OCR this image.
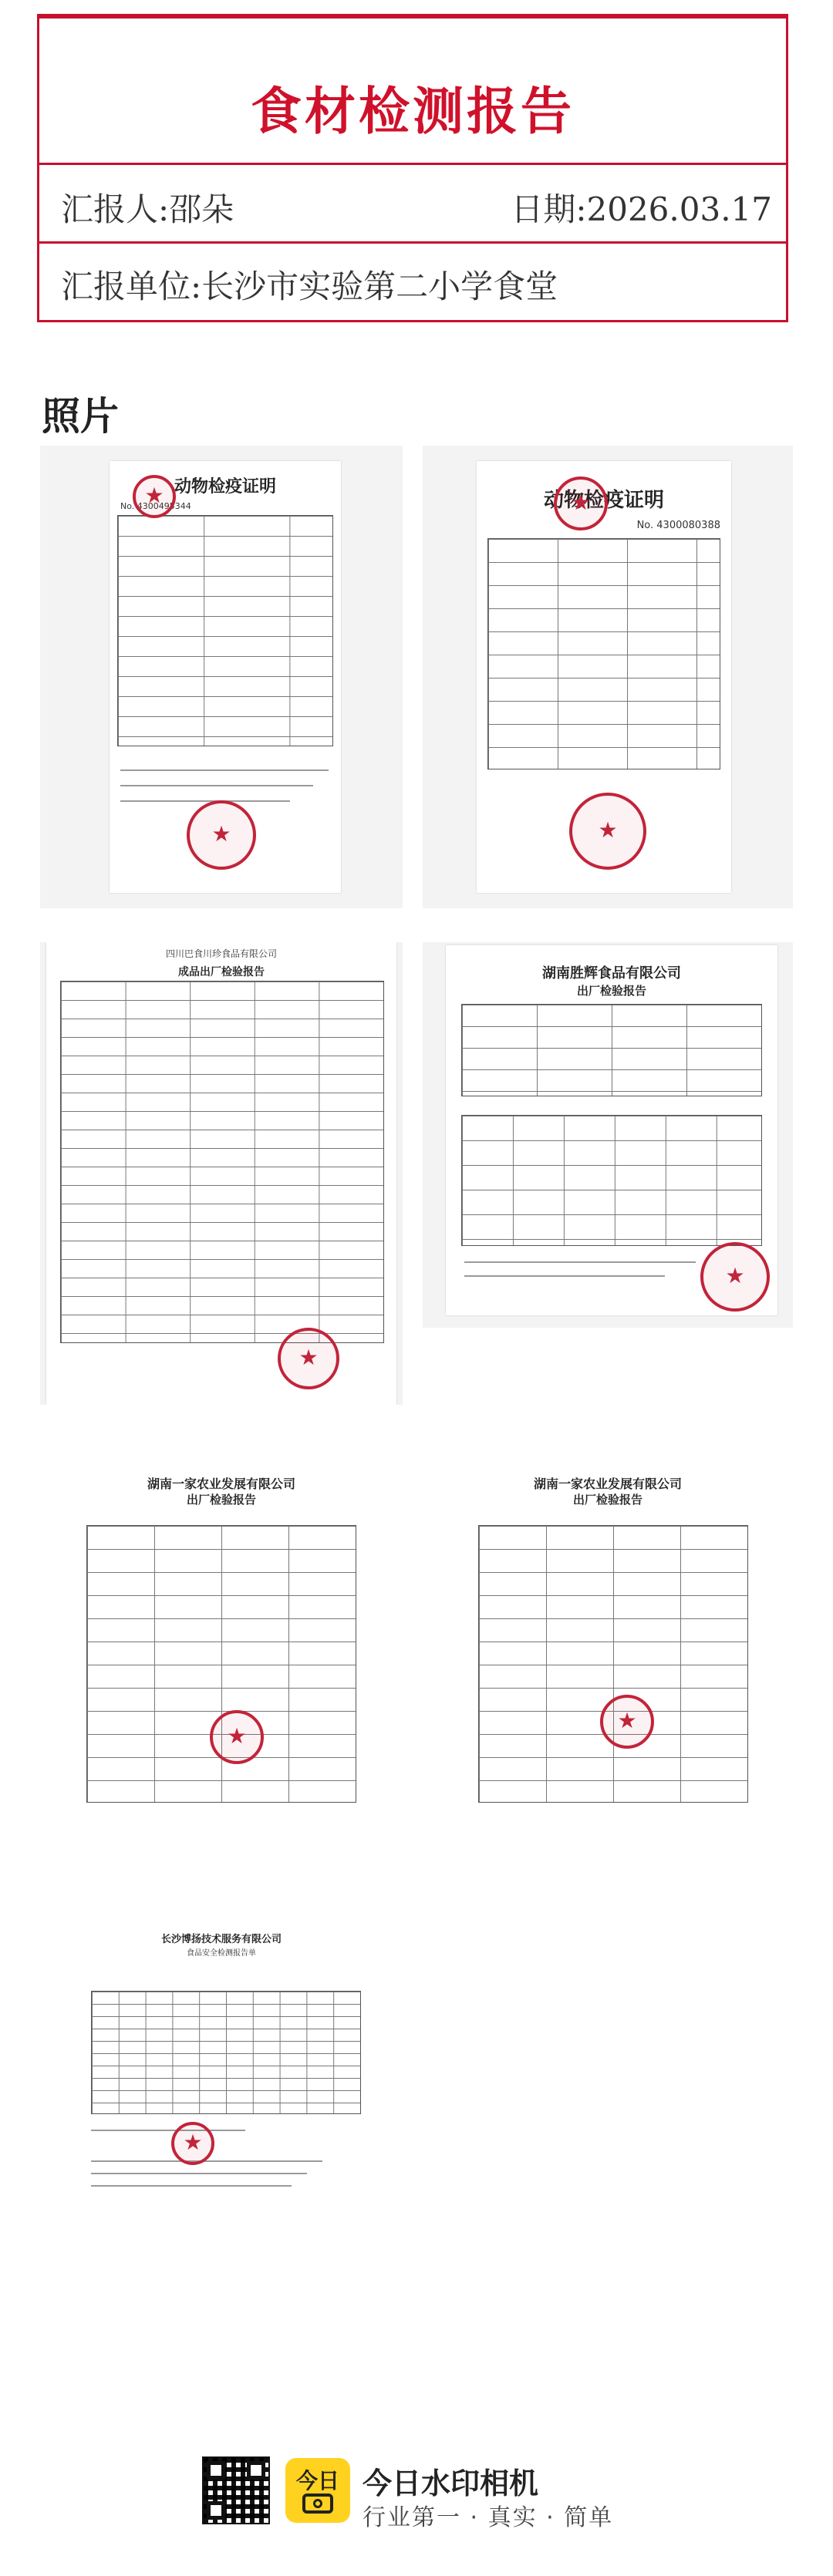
食材检测报告
汇报人:邵朵	日期:2026.03.17
汇报单位:长沙市实验第二小学食堂
照片
动物检疫证明
No. 4300495344
★
★	动物检疫证明
No. 4300080388
★
★
四川巴食川珍食品有限公司
成品出厂检验报告
★	湖南胜辉食品有限公司
出厂检验报告
★
湖南一家农业发展有限公司
出厂检验报告
★
湖南一家农业发展有限公司
出厂检验报告
★
长沙博扬技术服务有限公司
食品安全检测报告单
★
今日 今日水印相机
行业第一 · 真实 · 简单
